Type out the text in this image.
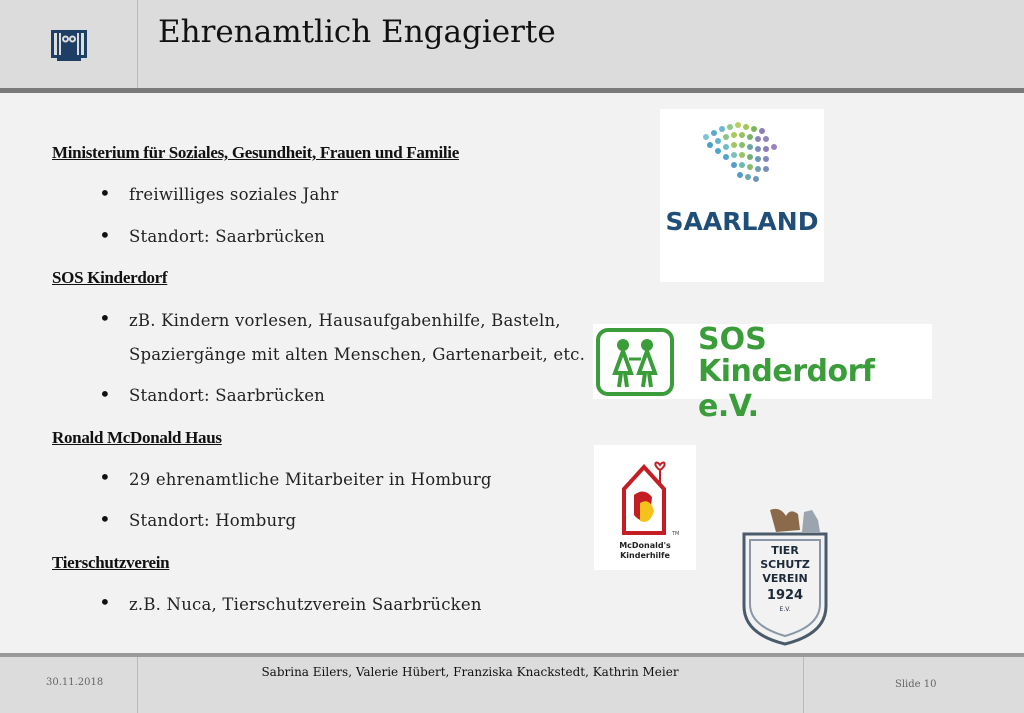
Ehrenamtlich Engagierte
Ministerium für Soziales, Gesundheit, Frauen und Familie
• freiwilliges soziales Jahr
• Standort: Saarbrücken
SOS Kinderdorf
• zB. Kindern vorlesen, Hausaufgabenhilfe, Basteln,
Spaziergänge mit alten Menschen, Gartenarbeit, etc.
• Standort: Saarbrücken
Ronald McDonald Haus
• 29 ehrenamtliche Mitarbeiter in Homburg
• Standort: Homburg
Tierschutzverein
• z.B. Nuca, Tierschutzverein Saarbrücken
SAARLAND
SOS
Kinderdorf e.V.
McDonald's
Kinderhilfe
TM
TIER
SCHUTZ
VEREIN
1924
E.V.
30.11.2018
Sabrina Eilers, Valerie Hübert, Franziska Knackstedt, Kathrin Meier
Slide 10
